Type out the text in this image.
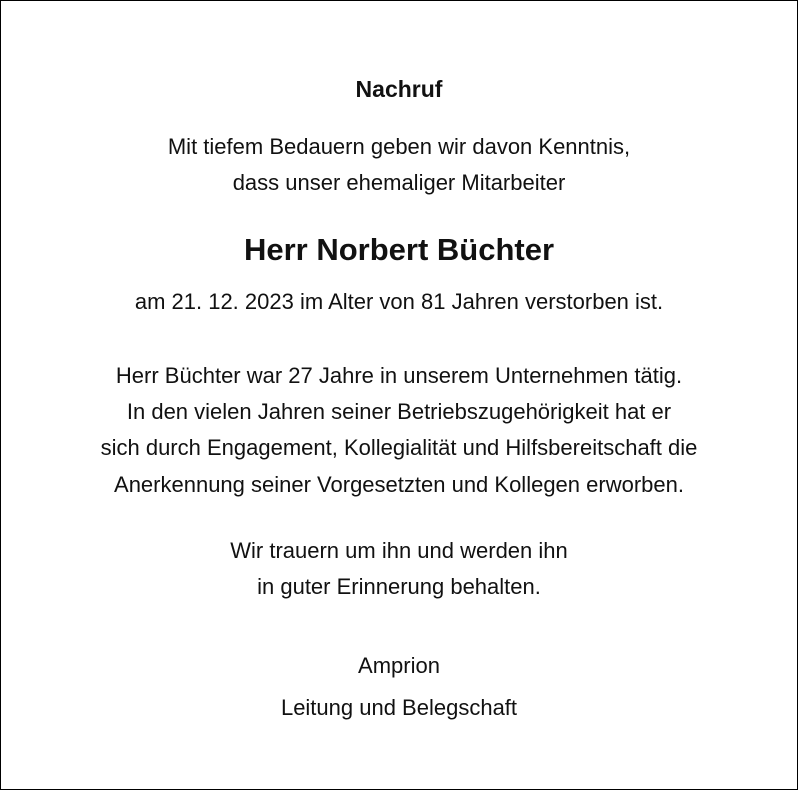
Nachruf
Mit tiefem Bedauern geben wir davon Kenntnis,
dass unser ehemaliger Mitarbeiter
Herr Norbert Büchter
am 21. 12. 2023 im Alter von 81 Jahren verstorben ist.
Herr Büchter war 27 Jahre in unserem Unternehmen tätig.
In den vielen Jahren seiner Betriebszugehörigkeit hat er
sich durch Engagement, Kollegialität und Hilfsbereitschaft die
Anerkennung seiner Vorgesetzten und Kollegen erworben.
Wir trauern um ihn und werden ihn
in guter Erinnerung behalten.
Amprion
Leitung und Belegschaft
